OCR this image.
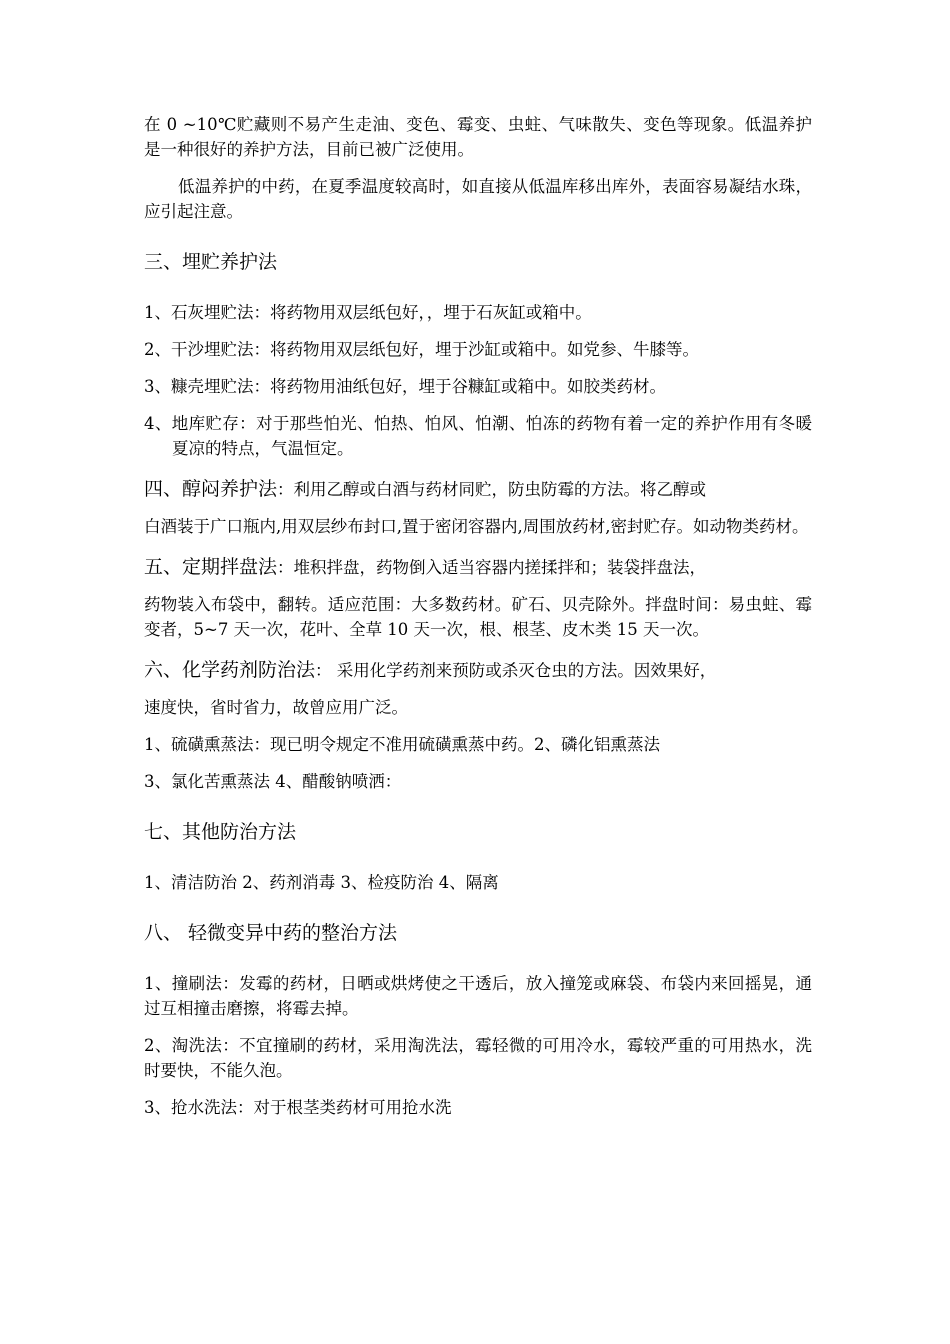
在 0 ~10℃贮藏则不易产生走油、变色、霉变、虫蛀、气味散失、变色等现象。低温养护是一种很好的养护方法，目前已被广泛使用。

低温养护的中药，在夏季温度较高时，如直接从低温库移出库外，表面容易凝结水珠，应引起注意。

三、埋贮养护法

1、石灰埋贮法：将药物用双层纸包好，，埋于石灰缸或箱中。

2、干沙埋贮法：将药物用双层纸包好，埋于沙缸或箱中。如党参、牛膝等。

3、糠壳埋贮法：将药物用油纸包好，埋于谷糠缸或箱中。如胶类药材。

4、地库贮存：对于那些怕光、怕热、怕风、怕潮、怕冻的药物有着一定的养护作用有冬暖夏凉的特点，气温恒定。

四、醇闷养护法：利用乙醇或白酒与药材同贮，防虫防霉的方法。将乙醇或

白酒装于广口瓶内,用双层纱布封口,置于密闭容器内,周围放药材,密封贮存。如动物类药材。

五、定期拌盘法：堆积拌盘，药物倒入适当容器内搓揉拌和；装袋拌盘法，

药物装入布袋中，翻转。适应范围：大多数药材。矿石、贝壳除外。拌盘时间：易虫蛀、霉变者，5~7 天一次，花叶、全草 10 天一次，根、根茎、皮木类 15 天一次。

六、化学药剂防治法： 采用化学药剂来预防或杀灭仓虫的方法。因效果好，

速度快，省时省力，故曾应用广泛。

1、硫磺熏蒸法：现已明令规定不准用硫磺熏蒸中药。2、磷化铝熏蒸法

3、氯化苦熏蒸法 4、醋酸钠喷洒：

七、其他防治方法

1、清洁防治 2、药剂消毒 3、检疫防治 4、隔离

八、 轻微变异中药的整治方法

1、撞刷法：发霉的药材，日晒或烘烤使之干透后，放入撞笼或麻袋、布袋内来回摇晃，通过互相撞击磨擦，将霉去掉。

2、淘洗法：不宜撞刷的药材，采用淘洗法，霉轻微的可用冷水，霉较严重的可用热水，洗时要快，不能久泡。

3、抢水洗法：对于根茎类药材可用抢水洗
